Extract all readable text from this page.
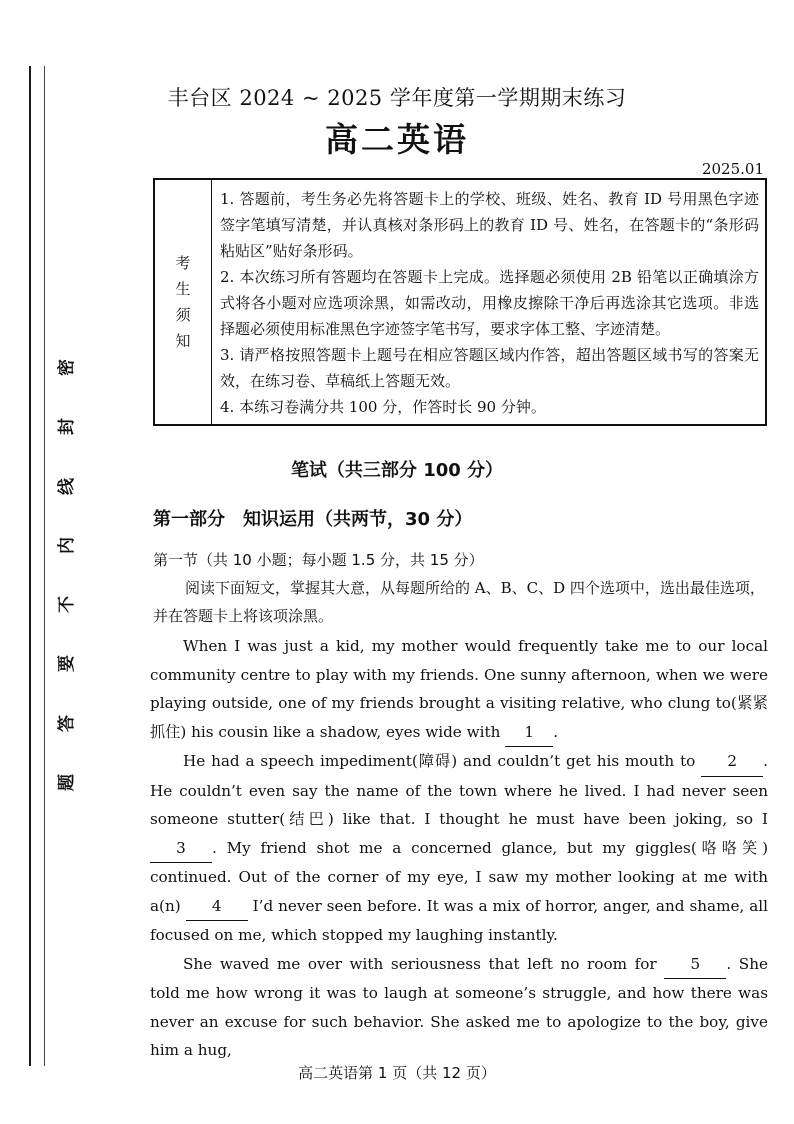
密
封
线
内
不
要
答
题
丰台区 2024 ~ 2025 学年度第一学期期末练习
高二英语
2025.01
考
生
须
知
1. 答题前，考生务必先将答题卡上的学校、班级、姓名、教育 ID 号用黑色字迹签字笔填写清楚，并认真核对条形码上的教育 ID 号、姓名，在答题卡的“条形码粘贴区”贴好条形码。
2. 本次练习所有答题均在答题卡上完成。选择题必须使用 2B 铅笔以正确填涂方式将各小题对应选项涂黑，如需改动，用橡皮擦除干净后再选涂其它选项。非选择题必须使用标准黑色字迹签字笔书写，要求字体工整、字迹清楚。
3. 请严格按照答题卡上题号在相应答题区域内作答，超出答题区域书写的答案无效，在练习卷、草稿纸上答题无效。
4. 本练习卷满分共 100 分，作答时长 90 分钟。
笔试（共三部分 100 分）
第一部分 知识运用（共两节，30 分）
第一节（共 10 小题；每小题 1.5 分，共 15 分）
阅读下面短文，掌握其大意，从每题所给的 A、B、C、D 四个选项中，选出最佳选项，并在答题卡上将该项涂黑。

When I was just a kid, my mother would frequently take me to our local community centre to play with my friends. One sunny afternoon, when we were playing outside, one of my friends brought a visiting relative, who clung to(紧紧抓住) his cousin like a shadow, eyes wide with 1 .

He had a speech impediment(障碍) and couldn’t get his mouth to 2 . He couldn’t even say the name of the town where he lived. I had never seen someone stutter(结巴) like that. I thought he must have been joking, so I 3 . My friend shot me a concerned glance, but my giggles(咯咯笑) continued. Out of the corner of my eye, I saw my mother looking at me with a(n) 4 I’d never seen before. It was a mix of horror, anger, and shame, all focused on me, which stopped my laughing instantly.

She waved me over with seriousness that left no room for 5 . She told me how wrong it was to laugh at someone’s struggle, and how there was never an excuse for such behavior. She asked me to apologize to the boy, give him a hug,

高二英语第 1 页（共 12 页）
